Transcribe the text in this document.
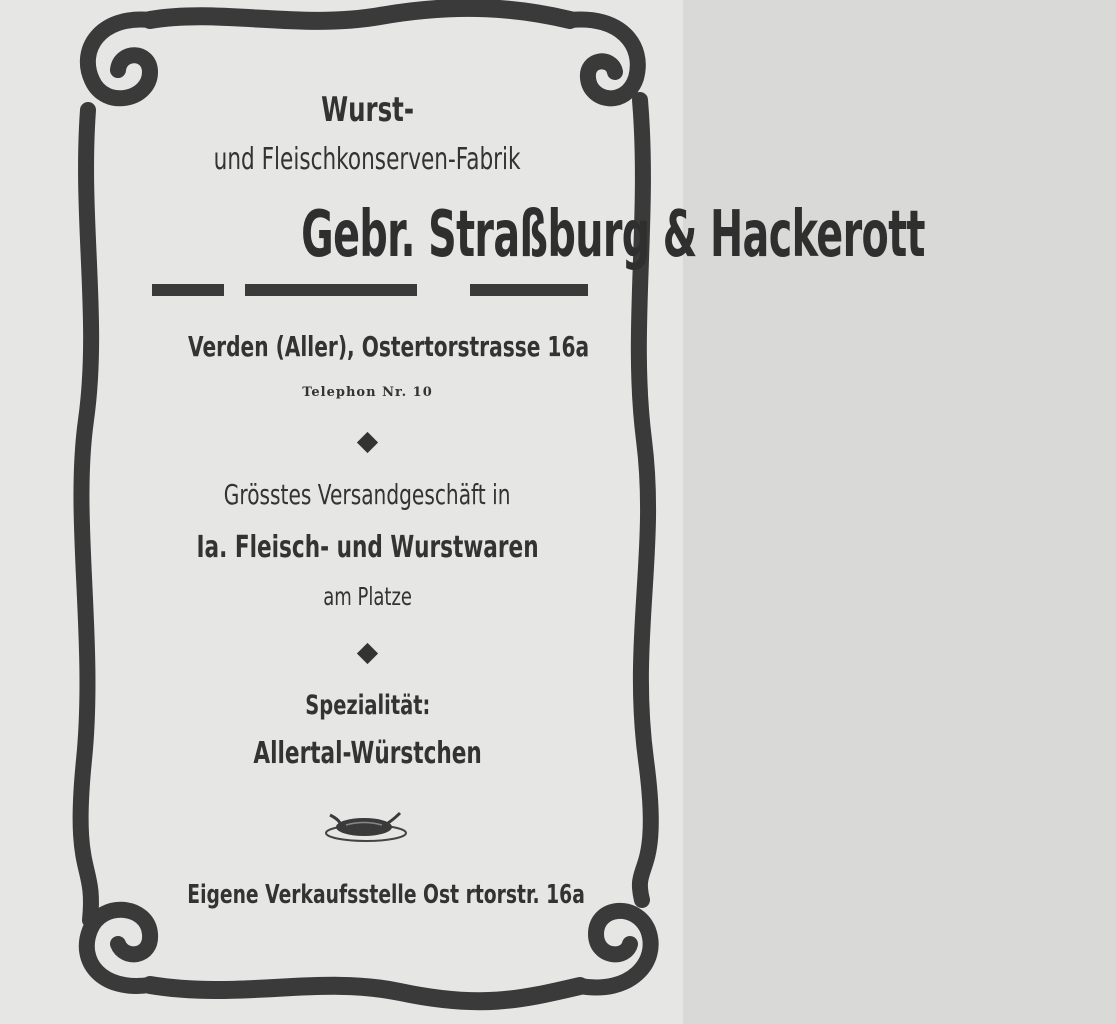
Wurst-
und Fleischkonserven-Fabrik
Gebr. Straßburg & Hackerott
Verden (Aller), Ostertorstrasse 16a
Telephon Nr. 10
Grösstes Versandgeschäft in
Ia. Fleisch- und Wurstwaren
am Platze
Spezialität:
Allertal-Würstchen
Eigene Verkaufsstelle Ost rtorstr. 16a
